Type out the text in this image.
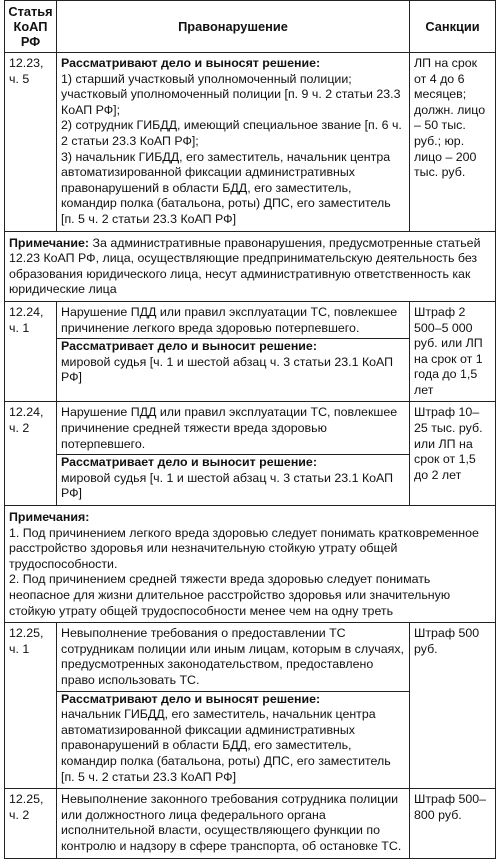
Статья КоАП РФ	Правонарушение	Санкции
12.23, ч. 5	Рассматривают дело и выносят решение:
1) старший участковый уполномоченный полиции;
участковый уполномоченный полиции [п. 9 ч. 2 статьи 23.3 КоАП РФ];
2) сотрудник ГИБДД, имеющий специальное звание [п. 6 ч. 2 статьи 23.3 КоАП РФ];
3) начальник ГИБДД, его заместитель, начальник центра автоматизированной фиксации административных правонарушений в области БДД, его заместитель, командир полка (батальона, роты) ДПС, его заместитель [п. 5 ч. 2 статьи 23.3 КоАП РФ]	ЛП на срок от 4 до 6 месяцев; должн. лицо – 50 тыс. руб.; юр. лицо – 200 тыс. руб.
Примечание: За административные правонарушения, предусмотренные статьей 12.23 КоАП РФ, лица, осуществляющие предпринимательскую деятельность без образования юридического лица, несут административную ответственность как юридические лица		
12.24, ч. 1	Нарушение ПДД или правил эксплуатации ТС, повлекшее причинение легкого вреда здоровью потерпевшего.
Рассматривает дело и выносит решение:
мировой судья [ч. 1 и шестой абзац ч. 3 статьи 23.1 КоАП РФ]	Штраф 2 500–5 000 руб. или ЛП на срок от 1 года до 1,5 лет
12.24, ч. 2	Нарушение ПДД или правил эксплуатации ТС, повлекшее причинение средней тяжести вреда здоровью потерпевшего.
Рассматривает дело и выносит решение:
мировой судья [ч. 1 и шестой абзац ч. 3 статьи 23.1 КоАП РФ]	Штраф 10–25 тыс. руб. или ЛП на срок от 1,5 до 2 лет

Примечания:
1. Под причинением легкого вреда здоровью следует понимать кратковременное расстройство здоровья или незначительную стойкую утрату общей трудоспособности.
2. Под причинением средней тяжести вреда здоровью следует понимать неопасное для жизни длительное расстройство здоровья или значительную стойкую утрату общей трудоспособности менее чем на одну треть		

12.25, ч. 1	Невыполнение требования о предоставлении ТС сотрудникам полиции или иным лицам, которым в случаях, предусмотренных законодательством, предоставлено право использовать ТС.
Рассматривают дело и выносят решение:
начальник ГИБДД, его заместитель, начальник центра автоматизированной фиксации административных правонарушений в области БДД, его заместитель, командир полка (батальона, роты) ДПС, его заместитель [п. 5 ч. 2 статьи 23.3 КоАП РФ]	Штраф 500 руб.
12.25, ч. 2	Невыполнение законного требования сотрудника полиции или должностного лица федерального органа исполнительной власти, осуществляющего функции по контролю и надзору в сфере транспорта, об остановке ТС.	Штраф 500–800 руб.
